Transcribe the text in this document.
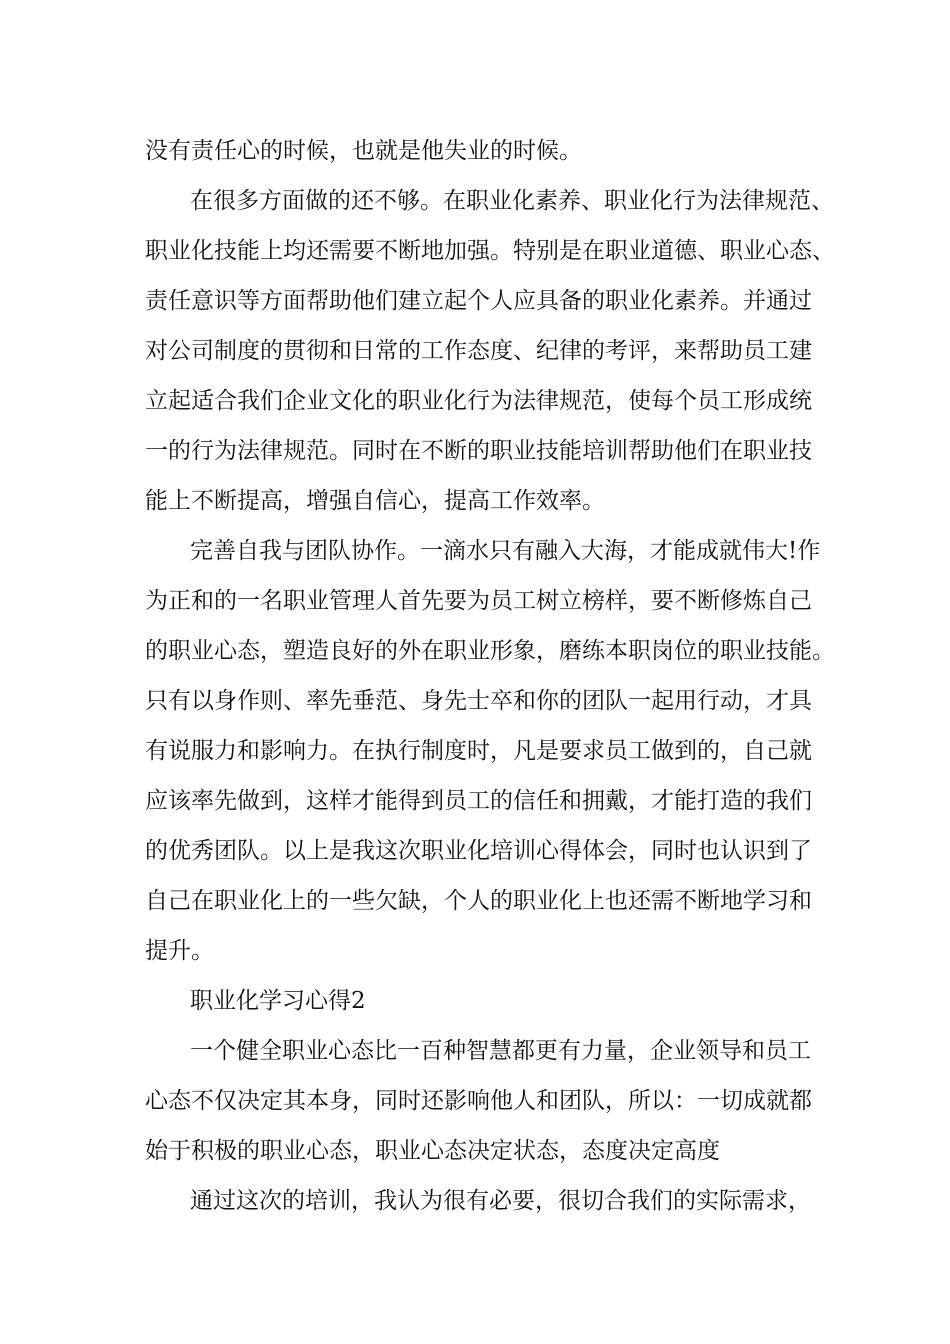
没有责任心的时候，也就是他失业的时候。
在很多方面做的还不够。在职业化素养、职业化行为法律规范、
职业化技能上均还需要不断地加强。特别是在职业道德、职业心态、
责任意识等方面帮助他们建立起个人应具备的职业化素养。并通过
对公司制度的贯彻和日常的工作态度、纪律的考评，来帮助员工建
立起适合我们企业文化的职业化行为法律规范，使每个员工形成统
一的行为法律规范。同时在不断的职业技能培训帮助他们在职业技
能上不断提高，增强自信心，提高工作效率。
完善自我与团队协作。一滴水只有融入大海，才能成就伟大!作
为正和的一名职业管理人首先要为员工树立榜样，要不断修炼自己
的职业心态，塑造良好的外在职业形象，磨练本职岗位的职业技能。
只有以身作则、率先垂范、身先士卒和你的团队一起用行动，才具
有说服力和影响力。在执行制度时，凡是要求员工做到的，自己就
应该率先做到，这样才能得到员工的信任和拥戴，才能打造的我们
的优秀团队。以上是我这次职业化培训心得体会，同时也认识到了
自己在职业化上的一些欠缺，个人的职业化上也还需不断地学习和
提升。
职业化学习心得2
一个健全职业心态比一百种智慧都更有力量，企业领导和员工
心态不仅决定其本身，同时还影响他人和团队，所以：一切成就都
始于积极的职业心态，职业心态决定状态，态度决定高度
通过这次的培训，我认为很有必要，很切合我们的实际需求，
